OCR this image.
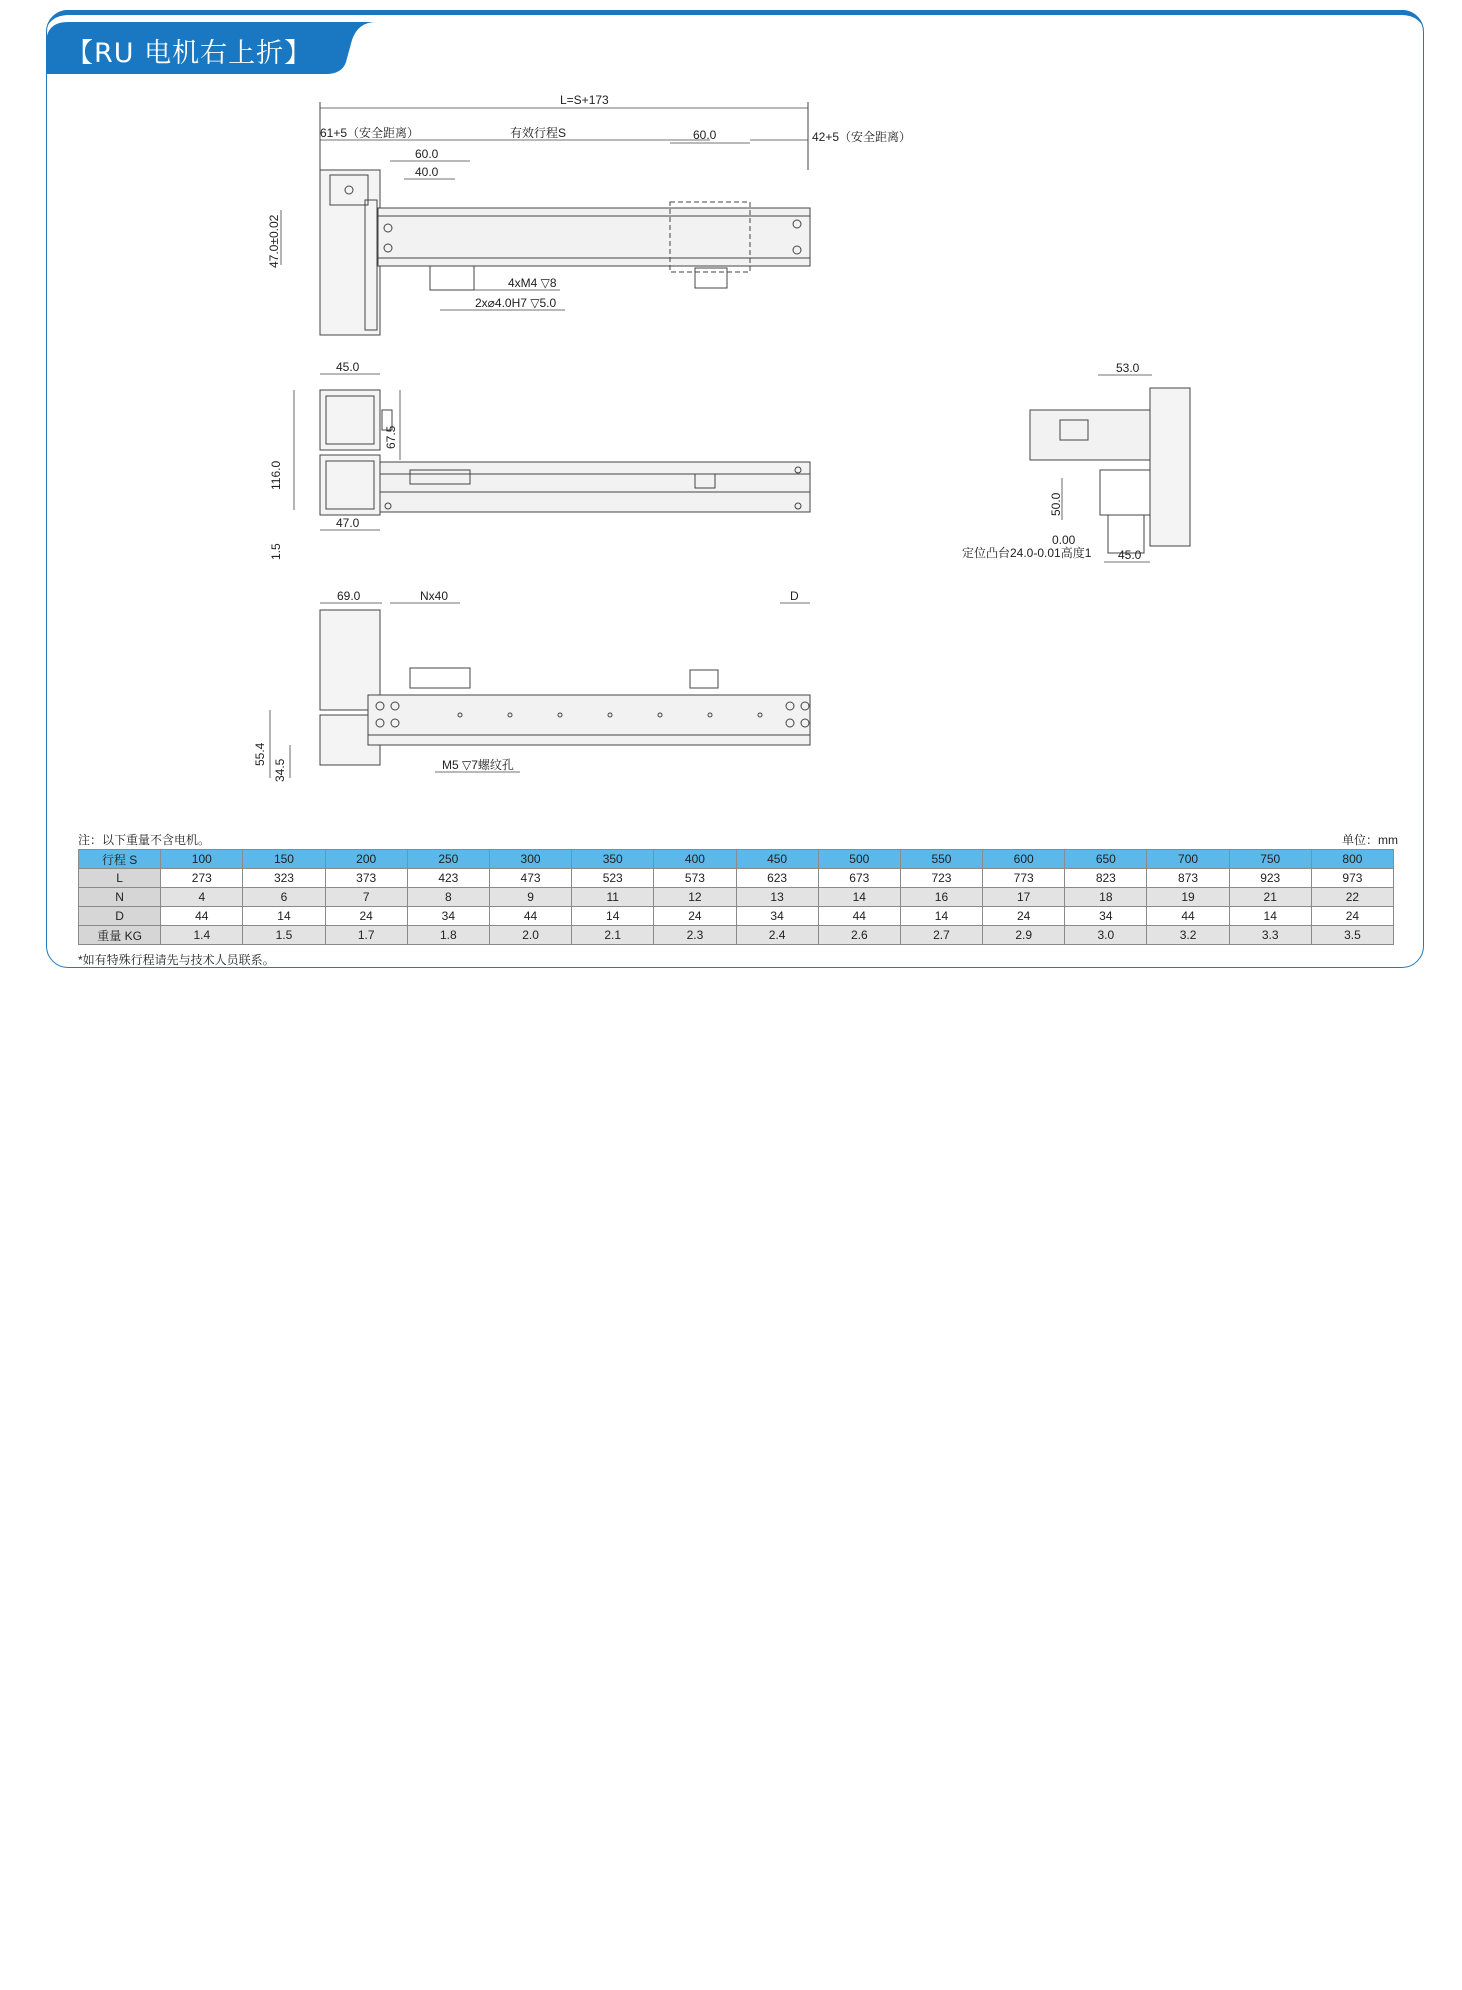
【RU 电机右上折】
L=S+173
61+5（安全距离）	有效行程S	60.0	42+5（安全距离）
60.0
40.0
47.0±0.02
4xM4 ▽8
2x⌀4.0H7 ▽5.0
45.0
116.0
67.5
1.5
47.0
53.0
50.0
0.00
定位凸台24.0-0.01高度1 45.0
69.0	Nx40	D
55.4
34.5	M5 ▽7螺纹孔
注：以下重量不含电机。	单位：mm
行程 S	100	150	200	250	300	350	400	450	500	550	600	650	700	750	800
L	273	323	373	423	473	523	573	623	673	723	773	823	873	923	973
N	4	6	7	8	9	11	12	13	14	16	17	18	19	21	22
D	44	14	24	34	44	14	24	34	44	14	24	34	44	14	24
重量 KG	1.4	1.5	1.7	1.8	2.0	2.1	2.3	2.4	2.6	2.7	2.9	3.0	3.2	3.3	3.5
*如有特殊行程请先与技术人员联系。
